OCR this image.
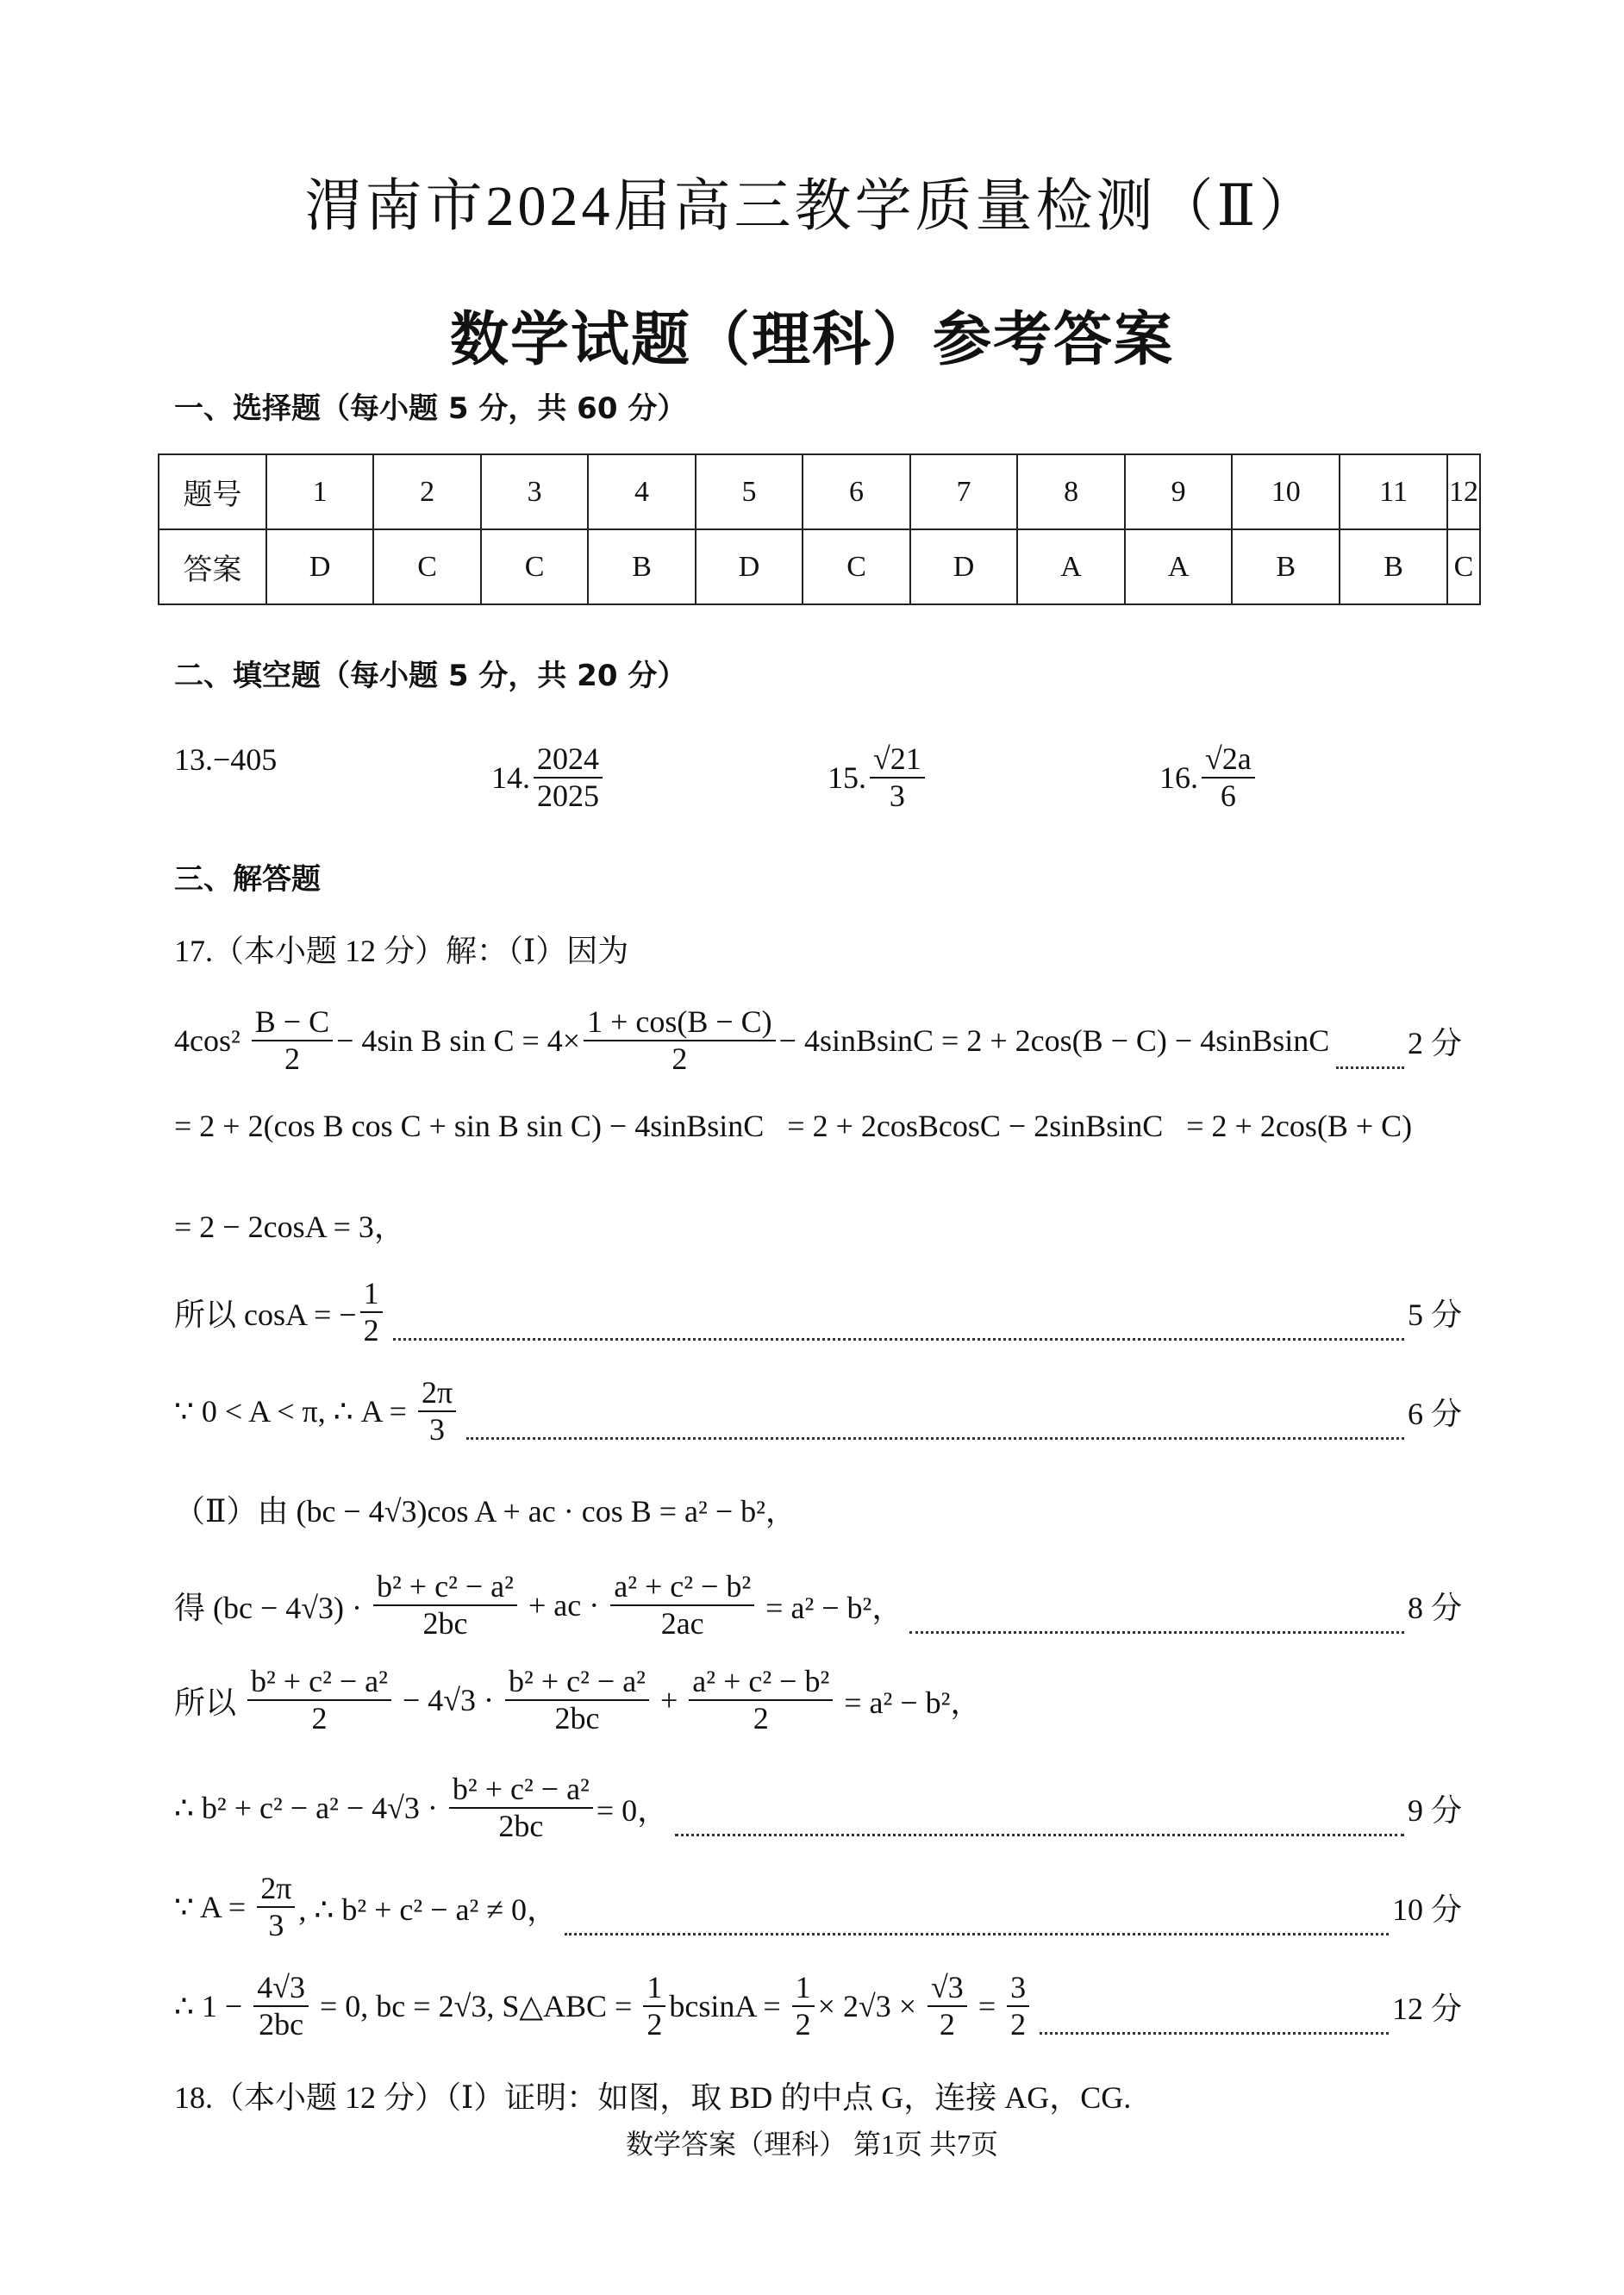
渭南市2024届高三教学质量检测（Ⅱ）
数学试题（理科）参考答案
一、选择题（每小题 5 分，共 60 分）
题号	1	2	3	4	5	6	7	8	9	10	11	12
答案	D	C	C	B	D	C	D	A	A	B	B	C
二、填空题（每小题 5 分，共 20 分）
三、解答题
17.（本小题 12 分）解：（Ⅰ）因为
$4\cos^2 \frac{B - C}{2} - 4\sin$ B $\sin C = 4\times \frac{1 + \cos(B - C)}{2}$ − 4sinBsinC = 2 + 2cos(B − C) − 4sinBsinC	2 分
= 2 + 2(cos B cos C + sin B sin C) − 4sinBsinC   = 2 + 2cosBcosC − 2sinBsinC   = 2 + 2cos(B + C)
= 2 − 2cosA = 3，
所以 cosA = − $\frac{1}{2}$	5 分
∵ 0 < A < π, ∴ $A = \frac{2\pi}{3}$	6 分
（Ⅱ）由 (bc − 4√3)cos A + ac · cos B = a² − b²，
得 $(bc - 4√3) \cdot \frac{\text{b² + c² − a²}}{2bc}$ + ac · $\frac{\text{a² + c² − b²}}{2ac} = a^2 - b^2$，	8 分
所以 $\frac{\text{b² + c² − a²}}{2} - 4√3 \cdot \frac{\text{b² + c² − a²}}{2bc} + \frac{\text{a² + c² − b²}}{2} = a^2 - b^2$，
∴ $b^2 + c^2 - a^2 - 4√3 \cdot \frac{\text{b² + c² − a²}}{2bc} = 0$，	9 分
∵ $A = \frac{2\pi}{3}$ , ∴ b² + c² − a² ≠ 0，	10 分
∴ $1 - \frac{4√3}{2bc} = 0$, bc = 2√3, S△ABC = $\frac{1}{2}$ $bcsinA = \frac{1}{2} \times 2√3 \times \frac{√3}{2} = \frac{3}{2}$	12 分
18.（本小题 12 分）（Ⅰ）证明：如图，取 BD 的中点 G，连接 AG，CG.
数学答案（理科） 第1页 共7页
13. −405
14. $\frac{2024}{2025}$	15. $\frac{√21}{3}$	16. $\frac{√2a}{6}$
